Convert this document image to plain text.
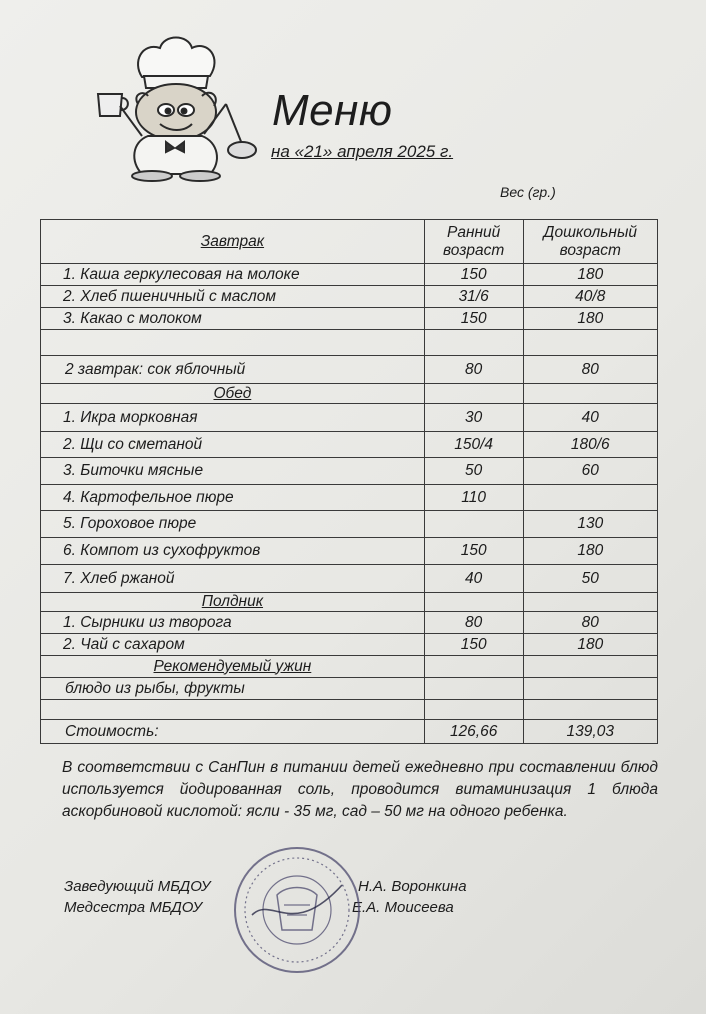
Меню
на «21» апреля 2025 г.
Вес (гр.)
Завтрак	Ранний возраст	Дошкольный возраст
1. Каша геркулесовая на молоке	150	180
2. Хлеб пшеничный с маслом	31/6	40/8
3. Какао с молоком	150	180

2 завтрак: сок яблочный	80	80
Обед		
1. Икра морковная	30	40
2. Щи со сметаной	150/4	180/6
3. Биточки мясные	50	60
4. Картофельное пюре	110	
5. Гороховое пюре		130
6. Компот из сухофруктов	150	180
7. Хлеб ржаной	40	50
Полдник		
1. Сырники из творога	80	80
2. Чай с сахаром	150	180
Рекомендуемый ужин		
блюдо из рыбы, фрукты		

Стоимость:	126,66	139,03
В соответствии с СанПин в питании детей ежедневно при составлении блюд используется йодированная соль, проводится витаминизация 1 блюда аскорбиновой кислотой: ясли - 35 мг, сад – 50 мг на одного ребенка.
Заведующий МБДОУ	Н.А. Воронкина
Медсестра МБДОУ	Е.А. Моисеева
